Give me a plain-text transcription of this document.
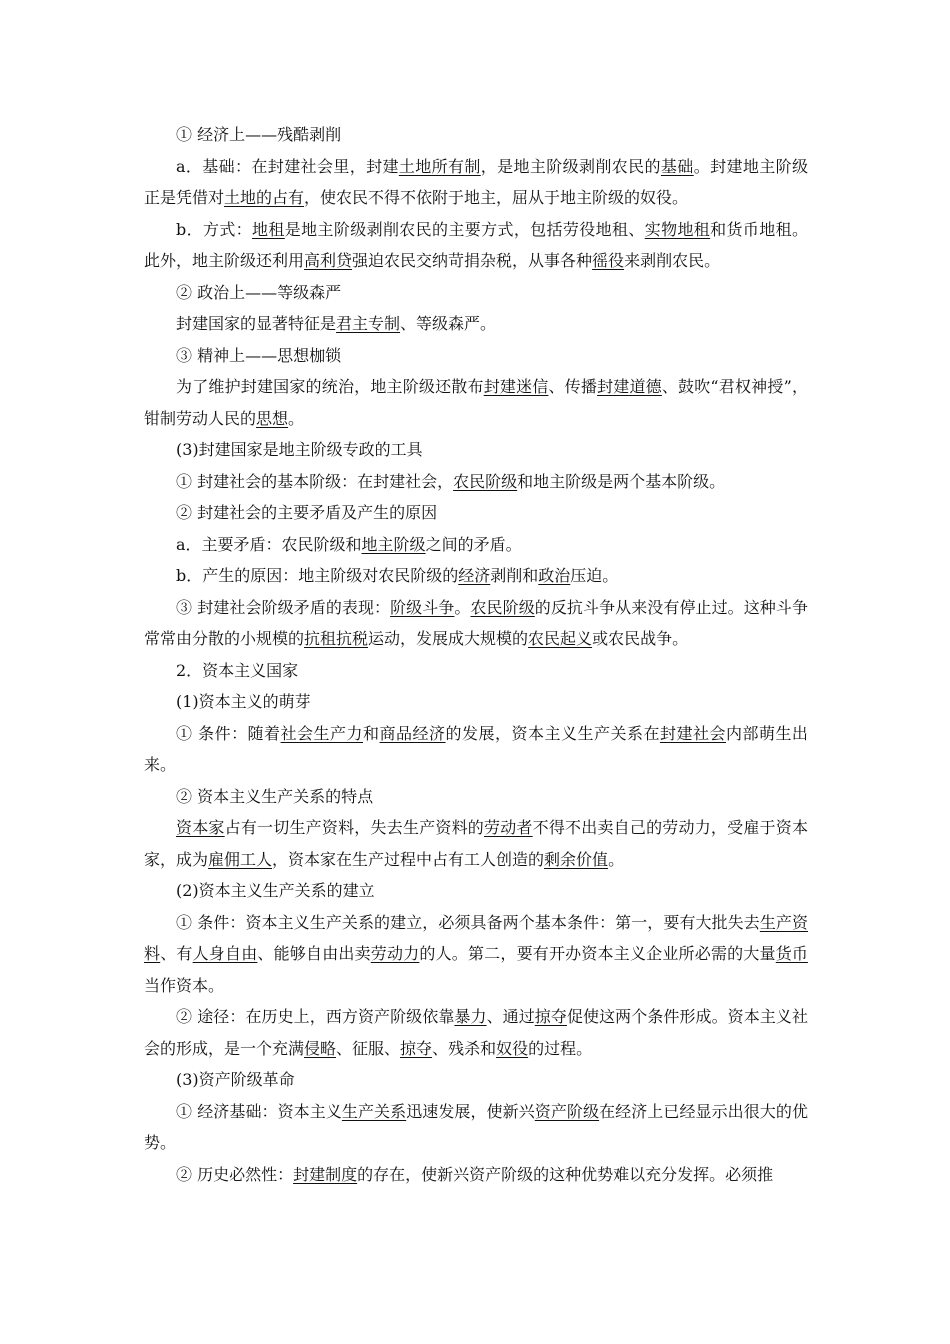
① 经济上——残酷剥削

a．基础：在封建社会里，封建土地所有制，是地主阶级剥削农民的基础。封建地主阶级正是凭借对土地的占有，使农民不得不依附于地主，屈从于地主阶级的奴役。

b．方式：地租是地主阶级剥削农民的主要方式，包括劳役地租、实物地租和货币地租。此外，地主阶级还利用高利贷强迫农民交纳苛捐杂税，从事各种徭役来剥削农民。

② 政治上——等级森严

封建国家的显著特征是君主专制、等级森严。

③ 精神上——思想枷锁

为了维护封建国家的统治，地主阶级还散布封建迷信、传播封建道德、鼓吹“君权神授”，钳制劳动人民的思想。

(3)封建国家是地主阶级专政的工具

① 封建社会的基本阶级：在封建社会，农民阶级和地主阶级是两个基本阶级。

② 封建社会的主要矛盾及产生的原因

a．主要矛盾：农民阶级和地主阶级之间的矛盾。

b．产生的原因：地主阶级对农民阶级的经济剥削和政治压迫。

③ 封建社会阶级矛盾的表现：阶级斗争。农民阶级的反抗斗争从来没有停止过。这种斗争常常由分散的小规模的抗租抗税运动，发展成大规模的农民起义或农民战争。

2．资本主义国家

(1)资本主义的萌芽

① 条件：随着社会生产力和商品经济的发展，资本主义生产关系在封建社会内部萌生出来。

② 资本主义生产关系的特点

资本家占有一切生产资料，失去生产资料的劳动者不得不出卖自己的劳动力，受雇于资本家，成为雇佣工人，资本家在生产过程中占有工人创造的剩余价值。

(2)资本主义生产关系的建立

① 条件：资本主义生产关系的建立，必须具备两个基本条件：第一，要有大批失去生产资料、有人身自由、能够自由出卖劳动力的人。第二，要有开办资本主义企业所必需的大量货币当作资本。

② 途径：在历史上，西方资产阶级依靠暴力、通过掠夺促使这两个条件形成。资本主义社会的形成，是一个充满侵略、征服、掠夺、残杀和奴役的过程。

(3)资产阶级革命

① 经济基础：资本主义生产关系迅速发展，使新兴资产阶级在经济上已经显示出很大的优势。

② 历史必然性：封建制度的存在，使新兴资产阶级的这种优势难以充分发挥。必须推
